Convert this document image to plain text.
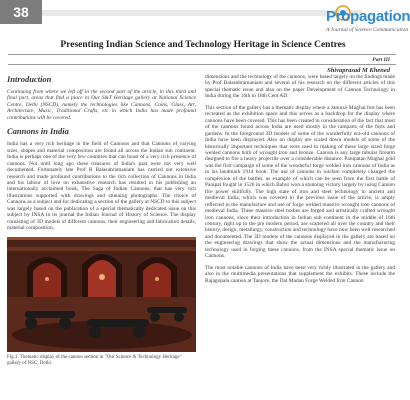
38	Propagation
A Journal of Science Communication
Presenting Indian Science and Technology Heritage in Science Centres
Part III
Shivaprasad M Khened
Introduction

Continuing from where we left off in the second part of the article, in this third and final part, areas that find a place in Our S&T Heritage gallery at National Science Centre, Delhi (NSCD), namely the technologies like Cannons, Coins, Glass, Art, Architecture, Music, Traditional Crafts, etc in which India has made profound contributions will be covered.

Cannons in India

India has a very rich heritage in the field of Cannons and that Cannons of varying sizes, shapes and material composition are found all across the Indian sub continent. India is perhaps one of the very few countries that can boast of a very rich presence of cannons. Not until long ago these treasures of India's past were not very well documented. Fortunately late Prof R Balasubramaniam has carried out extensive research and made profound contributions to the rich collection of Cannons in India and his labour of love on exhaustive research has resulted in his publishing an internationally acclaimed book, The Saga of Indian Cannons, that has very rich illustrations supported with drawings and stunning photographs. The choice of Cannons as a subject and for dedicating a section of the gallery at NSCD to this subject was largely based on the publication of a special thematically dedicated issue on this subject by INSA in its journal the Indian Journal of History of Science. The display consisting of 3D models of different cannons, their engineering and fabrication details, material composition,

Fig.1. Thematic display of the cannon section in "Our Science & Technology Heritage" gallery of NSC, Delhi.

dimensions and the technology of the cannons, were based largely on the findings made by Prof Balasubramaniam and several of his research on the different articles of this special thematic issue and also on the paper Development of Cannon Technology in India during the 16th to 18th Cent AD.

This section of the gallery has a thematic display where a Jamuxe Mughal fort has been recreated as the exhibition space and this serves as a backdrop for the display where cannons have been covered. This has been created in consideration of the fact that most of the cannons found across India are used mostly in the ramparts of the forts and gardens. In the foreground 3D models of some of the wonderfully era-old cannons of India have been displayed. Also on display are scaled down models of some of the historically important techniques that were used in making of these large sized forge welded cannons both of wrought iron and bronze. Cannon is any large tubular firearm designed to fire a heavy projectile over a considerable distance. Panipatan Mughal gold was the first campaign of some of the wonderful forge welded iron cannons of India as in his landmark 1914 book. The use of cannons in warfare completely changed the complexion of the battles, as example of which can be seen from the first battle of Panipat fought in 1526 in which Babur won a stunning victory largely by using Cannon fire power skillfully. The high state of iron and steel technology in ancient and medieval India, which was covered in the previous issue of the article, is amply reflected in the manufacture and use of forge welded massive wrought iron cannons of medieval India. These massive steel bodies are forged and artistically crafted wrought iron cannons, since their introduction in Indian sub continent in the middle of 16th century, right up to the pre modern period, are scattered all over the country and their history, design, metallurgy, construction and technology have now been well researched and documented. The 3D models of the cannons displayed in the gallery are based on the engineering drawings that show the actual dimensions and the manufacturing technology used in forging these cannons, from the INSA special thematic issue on Cannons.

The most notable cannons of India have been very richly illustrated in the gallery and also in the multimedia presentations that supplement the exhibits. These include the Rajagopala cannon at Tanjore, the Dal Madan Forge Welded Iron Cannon
